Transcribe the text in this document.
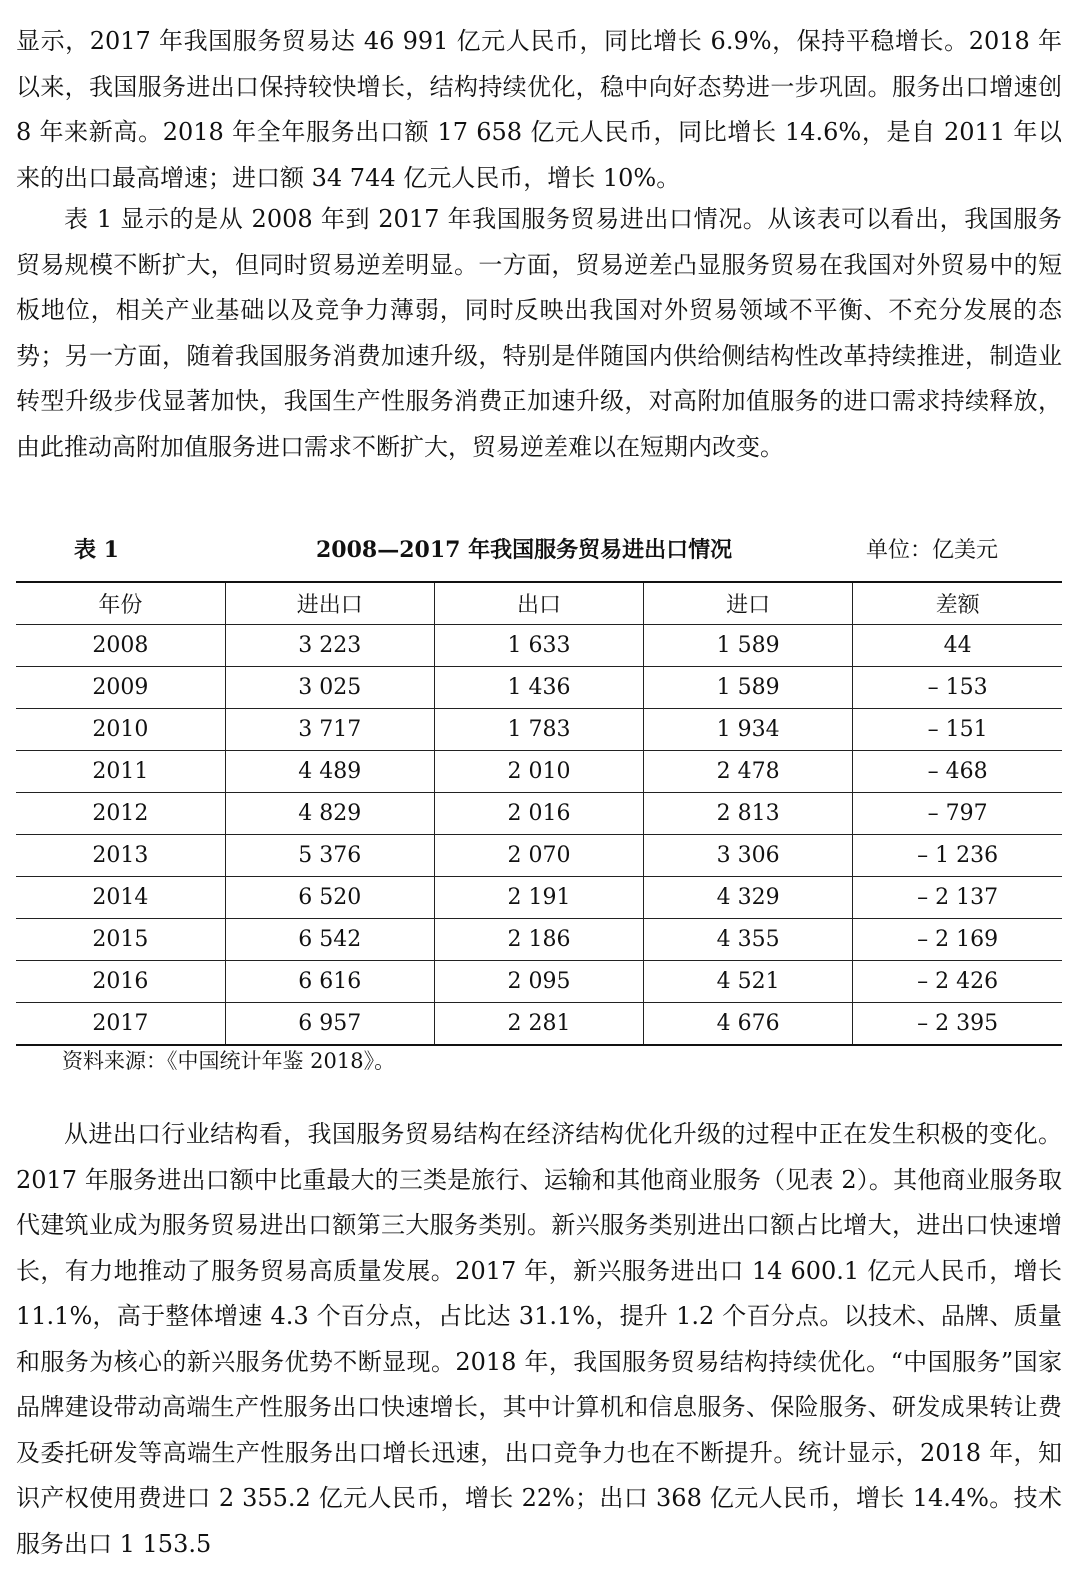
显示，2017 年我国服务贸易达 46 991 亿元人民币，同比增长 6.9%，保持平稳增长。2018 年以来，我国服务进出口保持较快增长，结构持续优化，稳中向好态势进一步巩固。服务出口增速创 8 年来新高。2018 年全年服务出口额 17 658 亿元人民币，同比增长 14.6%，是自 2011 年以来的出口最高增速；进口额 34 744 亿元人民币，增长 10%。

表 1 显示的是从 2008 年到 2017 年我国服务贸易进出口情况。从该表可以看出，我国服务贸易规模不断扩大，但同时贸易逆差明显。一方面，贸易逆差凸显服务贸易在我国对外贸易中的短板地位，相关产业基础以及竞争力薄弱，同时反映出我国对外贸易领域不平衡、不充分发展的态势；另一方面，随着我国服务消费加速升级，特别是伴随国内供给侧结构性改革持续推进，制造业转型升级步伐显著加快，我国生产性服务消费正加速升级，对高附加值服务的进口需求持续释放，由此推动高附加值服务进口需求不断扩大，贸易逆差难以在短期内改变。

表 1	2008—2017 年我国服务贸易进出口情况	单位：亿美元
年份	进出口	出口	进口	差额
2008	3 223	1 633	1 589	44
2009	3 025	1 436	1 589	– 153
2010	3 717	1 783	1 934	– 151
2011	4 489	2 010	2 478	– 468
2012	4 829	2 016	2 813	– 797
2013	5 376	2 070	3 306	– 1 236
2014	6 520	2 191	4 329	– 2 137
2015	6 542	2 186	4 355	– 2 169
2016	6 616	2 095	4 521	– 2 426
2017	6 957	2 281	4 676	– 2 395
资料来源：《中国统计年鉴 2018》。

从进出口行业结构看，我国服务贸易结构在经济结构优化升级的过程中正在发生积极的变化。2017 年服务进出口额中比重最大的三类是旅行、运输和其他商业服务（见表 2）。其他商业服务取代建筑业成为服务贸易进出口额第三大服务类别。新兴服务类别进出口额占比增大，进出口快速增长，有力地推动了服务贸易高质量发展。2017 年，新兴服务进出口 14 600.1 亿元人民币，增长 11.1%，高于整体增速 4.3 个百分点，占比达 31.1%，提升 1.2 个百分点。以技术、品牌、质量和服务为核心的新兴服务优势不断显现。2018 年，我国服务贸易结构持续优化。“中国服务”国家品牌建设带动高端生产性服务出口快速增长，其中计算机和信息服务、保险服务、研发成果转让费及委托研发等高端生产性服务出口增长迅速，出口竞争力也在不断提升。统计显示，2018 年，知识产权使用费进口 2 355.2 亿元人民币，增长 22%；出口 368 亿元人民币，增长 14.4%。技术服务出口 1 153.5
